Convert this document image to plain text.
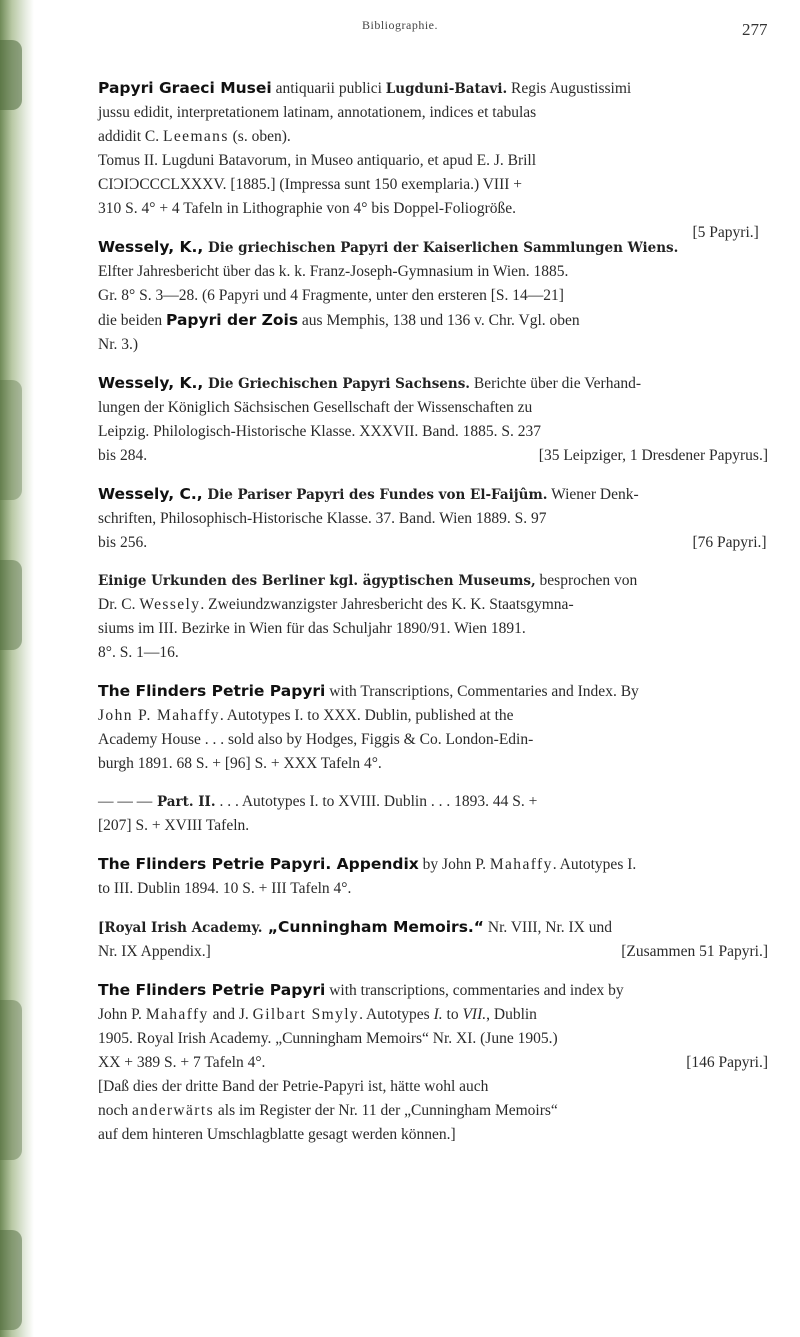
Bibliographie.	277
Papyri Graeci Musei antiquarii publici Lugduni-Batavi. Regis Augustissimi
jussu edidit, interpretationem latinam, annotationem, indices et tabulas
addidit C. Leemans (s. oben).
Tomus II. Lugduni Batavorum, in Museo antiquario, et apud E. J. Brill
CIƆIƆCCCLXXXV. [1885.] (Impressa sunt 150 exemplaria.) VIII +
310 S. 4° + 4 Tafeln in Lithographie von 4° bis Doppel-Foliogröße.
[5 Papyri.]
Wessely, K., Die griechischen Papyri der Kaiserlichen Sammlungen Wiens.
Elfter Jahresbericht über das k. k. Franz-Joseph-Gymnasium in Wien. 1885.
Gr. 8° S. 3—28. (6 Papyri und 4 Fragmente, unter den ersteren [S. 14—21]
die beiden Papyri der Zois aus Memphis, 138 und 136 v. Chr. Vgl. oben
Nr. 3.)
Wessely, K., Die Griechischen Papyri Sachsens. Berichte über die Verhand-
lungen der Königlich Sächsischen Gesellschaft der Wissenschaften zu
Leipzig. Philologisch-Historische Klasse. XXXVII. Band. 1885. S. 237
bis 284.	[35 Leipziger, 1 Dresdener Papyrus.]
Wessely, C., Die Pariser Papyri des Fundes von El-Faijûm. Wiener Denk-
schriften, Philosophisch-Historische Klasse. 37. Band. Wien 1889. S. 97
bis 256.	[76 Papyri.]
Einige Urkunden des Berliner kgl. ägyptischen Museums, besprochen von
Dr. C. Wessely. Zweiundzwanzigster Jahresbericht des K. K. Staatsgymna-
siums im III. Bezirke in Wien für das Schuljahr 1890/91. Wien 1891.
8°. S. 1—16.
The Flinders Petrie Papyri with Transcriptions, Commentaries and Index. By
John P. Mahaffy. Autotypes I. to XXX. Dublin, published at the
Academy House . . . sold also by Hodges, Figgis & Co. London-Edin-
burgh 1891. 68 S. + [96] S. + XXX Tafeln 4°.
— — — Part. II. . . . Autotypes I. to XVIII. Dublin . . . 1893. 44 S. +
[207] S. + XVIII Tafeln.
The Flinders Petrie Papyri. Appendix by John P. Mahaffy. Autotypes I.
to III. Dublin 1894. 10 S. + III Tafeln 4°.
[Royal Irish Academy. „Cunningham Memoirs.“ Nr. VIII, Nr. IX und
Nr. IX Appendix.]	[Zusammen 51 Papyri.]
The Flinders Petrie Papyri with transcriptions, commentaries and index by
John P. Mahaffy and J. Gilbart Smyly. Autotypes I. to VII., Dublin
1905. Royal Irish Academy. „Cunningham Memoirs“ Nr. XI. (June 1905.)
XX + 389 S. + 7 Tafeln 4°.	[146 Papyri.]
[Daß dies der dritte Band der Petrie-Papyri ist, hätte wohl auch
noch anderwärts als im Register der Nr. 11 der „Cunningham Memoirs“
auf dem hinteren Umschlagblatte gesagt werden können.]
